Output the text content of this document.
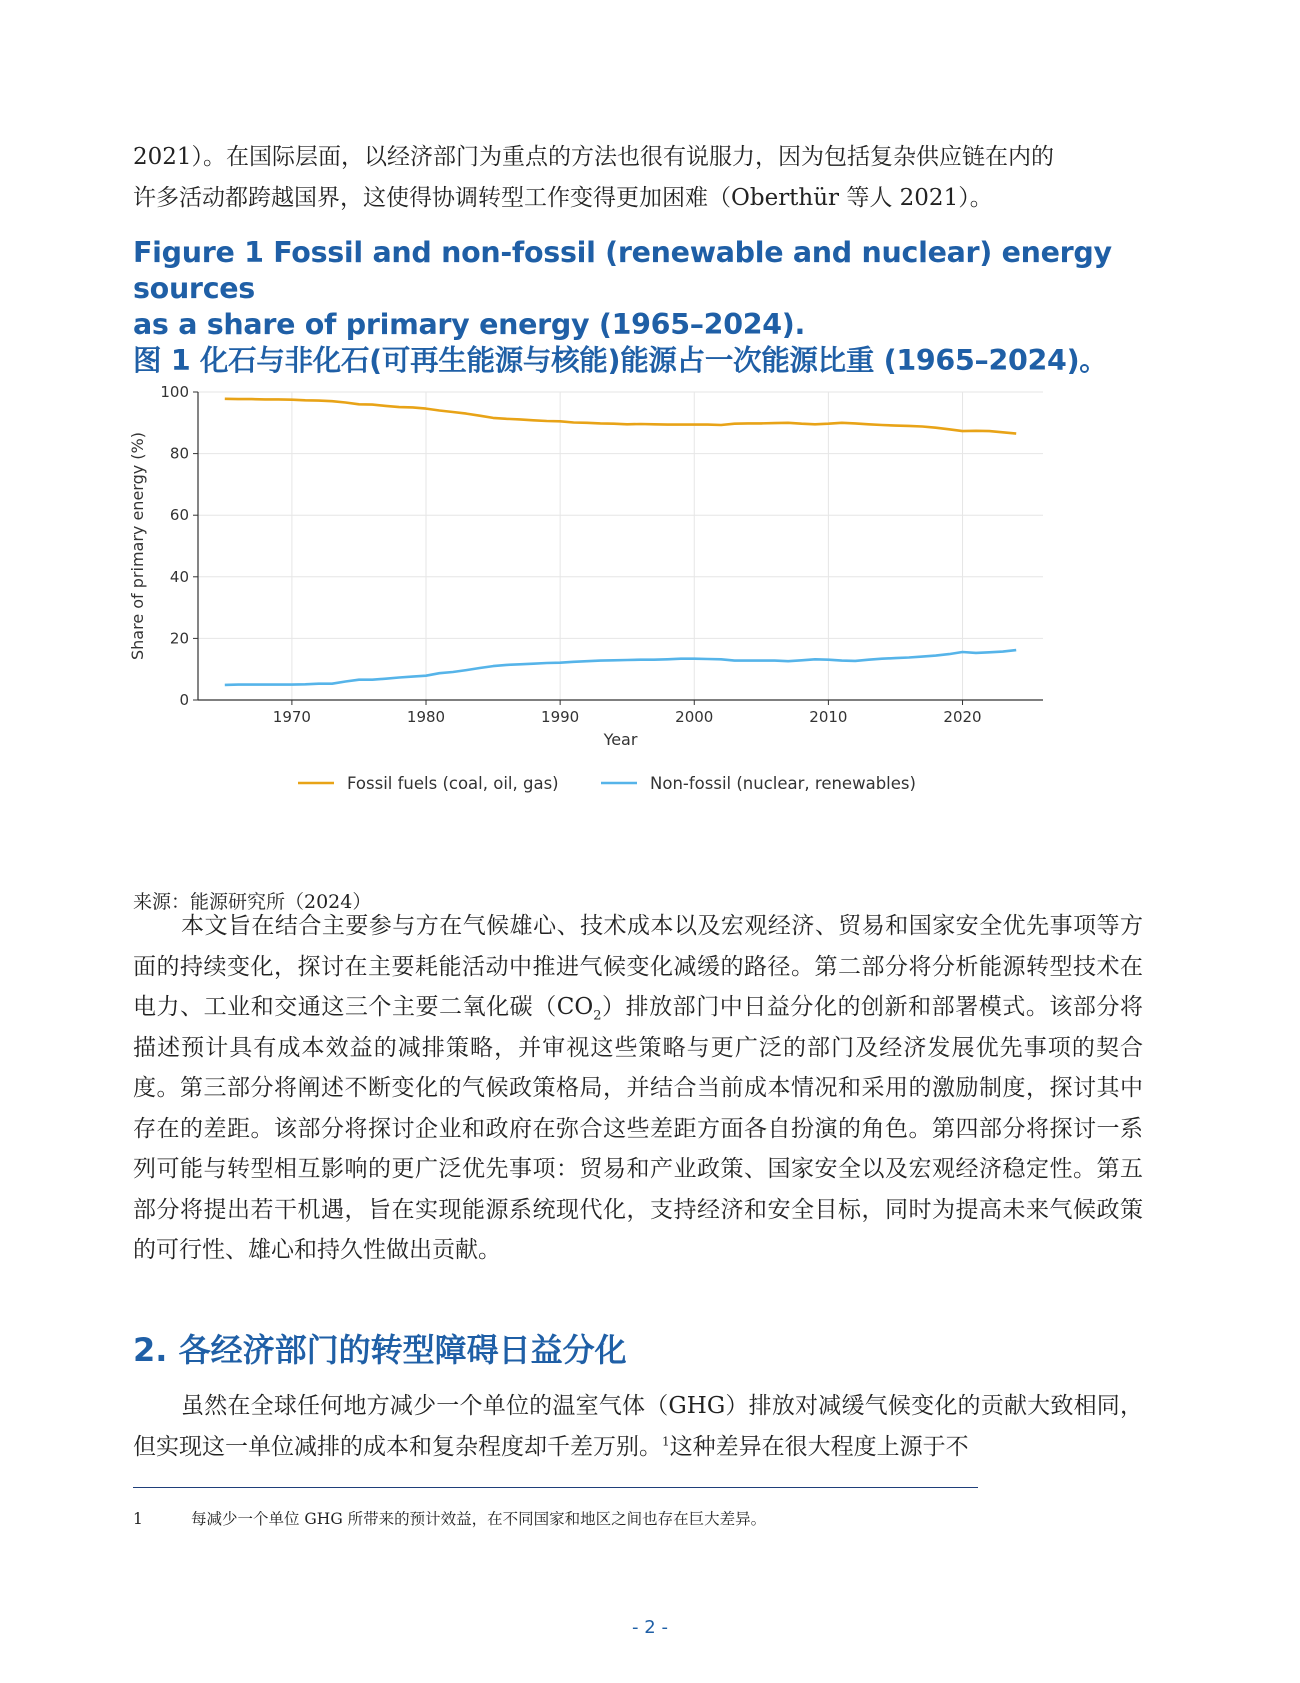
2021）。在国际层面，以经济部门为重点的方法也很有说服力，因为包括复杂供应链在内的
许多活动都跨越国界，这使得协调转型工作变得更加困难（Oberthür 等人 2021）。
Figure 1 Fossil and non-fossil (renewable and nuclear) energy sources
as a share of primary energy (1965–2024).
图 1 化石与非化石(可再生能源与核能)能源占一次能源比重 (1965–2024)。
1970	1980	1990	2000	2010	2020
0
20
40
60
80
100
Year
Share of primary energy (%)
Fossil fuels (coal, oil, gas)	Non-fossil (nuclear, renewables)

来源：能源研究所（2024）

本文旨在结合主要参与方在气候雄心、技术成本以及宏观经济、贸易和国家安全优先事项等方面的持续变化，探讨在主要耗能活动中推进气候变化减缓的路径。第二部分将分析能源转型技术在电力、工业和交通这三个主要二氧化碳$(CO_2)$排放部门中日益分化的创新和部署模式。该部分将描述预计具有成本效益的减排策略，并审视这些策略与更广泛的部门及经济发展优先事项的契合度。第三部分将阐述不断变化的气候政策格局，并结合当前成本情况和采用的激励制度，探讨其中存在的差距。该部分将探讨企业和政府在弥合这些差距方面各自扮演的角色。第四部分将探讨一系列可能与转型相互影响的更广泛优先事项：贸易和产业政策、国家安全以及宏观经济稳定性。第五部分将提出若干机遇，旨在实现能源系统现代化，支持经济和安全目标，同时为提高未来气候政策的可行性、雄心和持久性做出贡献。
2. 各经济部门的转型障碍日益分化
虽然在全球任何地方减少一个单位的温室气体（GHG）排放对减缓气候变化的贡献大致相同，但实现这一单位减排的成本和复杂程度却千差万别。$^1$这种差异在很大程度上源于不

1	每减少一个单位 GHG 所带来的预计效益，在不同国家和地区之间也存在巨大差异。

- 2 -
